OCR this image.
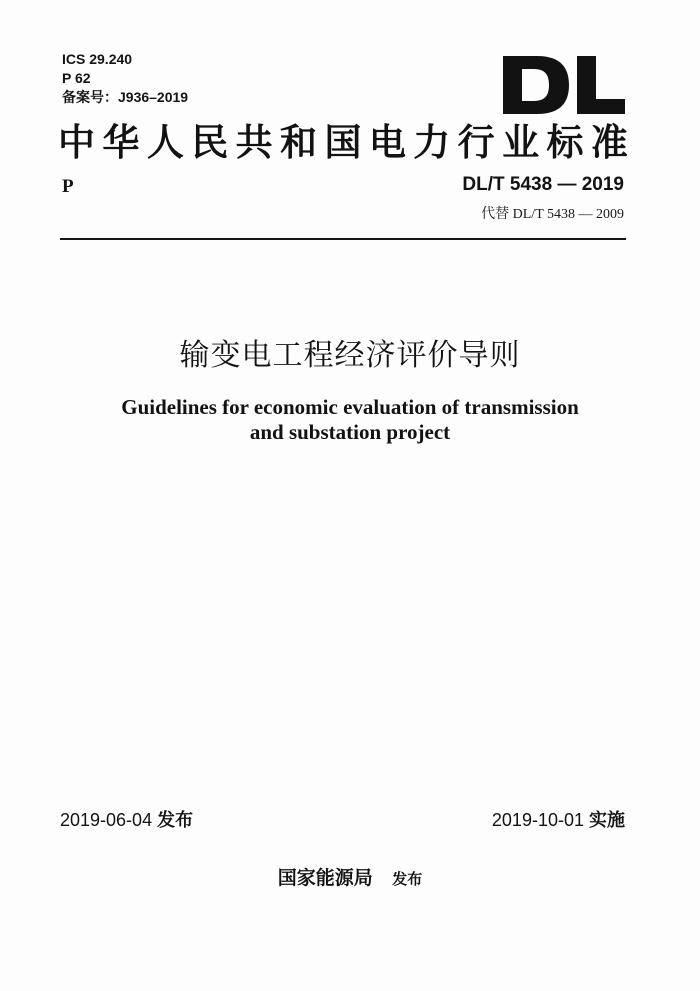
ICS 29.240
P 62
备案号：J936–2019
中 华 人 民 共 和 国 电 力 行 业 标 准
P	DL/T 5438 — 2019
代替 DL/T 5438 — 2009
输变电工程经济评价导则
Guidelines for economic evaluation of transmission
and substation project
2019-06-04 发布	2019-10-01 实施
国家能源局 发布
